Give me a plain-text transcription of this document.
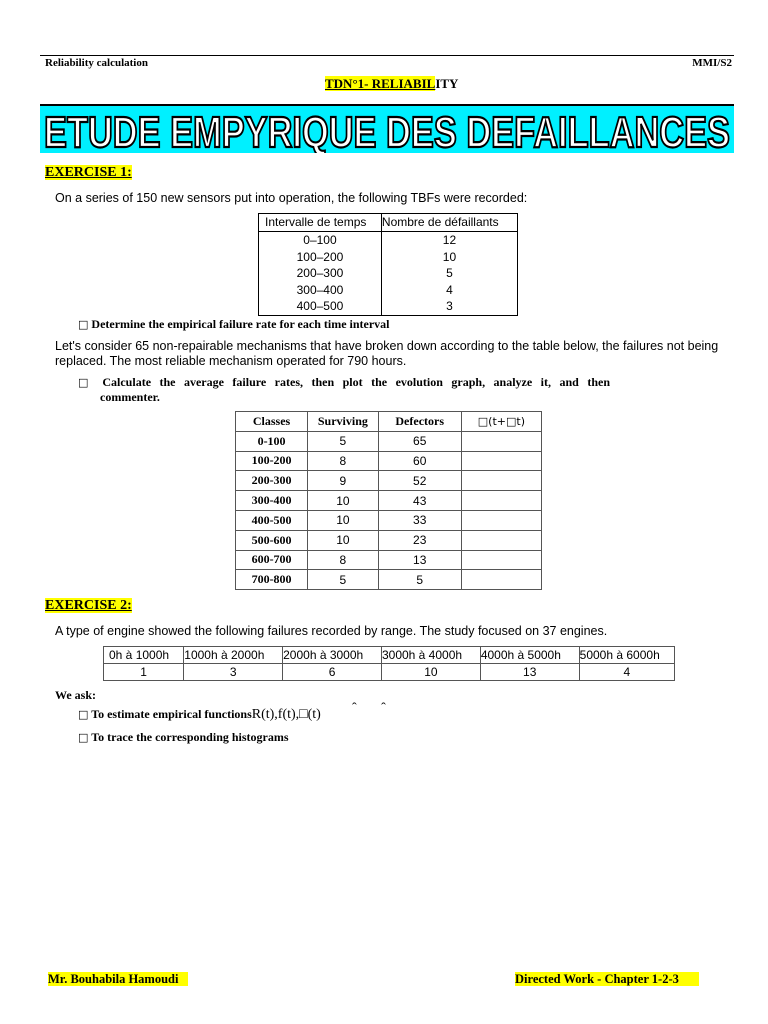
Reliability calculation	MMI/S2
TDN°1- RELIABILITY
ETUDE EMPYRIQUE DES DEFAILLANCES
EXERCISE 1:
On a series of 150 new sensors put into operation, the following TBFs were recorded:
Intervalle de temps	Nombre de défaillants
0–100	12
100–200	10
200–300	5
300–400	4
400–500	3
□ Determine the empirical failure rate for each time interval
Let's consider 65 non-repairable mechanisms that have broken down according to the table below, the failures not being replaced. The most reliable mechanism operated for 790 hours.
□ Calculate the average failure rates, then plot the evolution graph, analyze it, and then
commenter.
Classes	Surviving	Defectors	□(t+□t)
0-100	5	65	
100-200	8	60	
200-300	9	52	
300-400	10	43	
400-500	10	33	
500-600	10	23	
600-700	8	13	
700-800	5	5	
EXERCISE 2:
A type of engine showed the following failures recorded by range. The study focused on 37 engines.
0h à 1000h	1000h à 2000h	2000h à 3000h	3000h à 4000h	4000h à 5000h	5000h à 6000h
1	3	6	10	13	4
We ask:
□ To estimate empirical functionsR(t),f(t),□(t) ˆ       ˆ
□ To trace the corresponding histograms
Mr. Bouhabila Hamoudi	Directed Work - Chapter 1-2-3
